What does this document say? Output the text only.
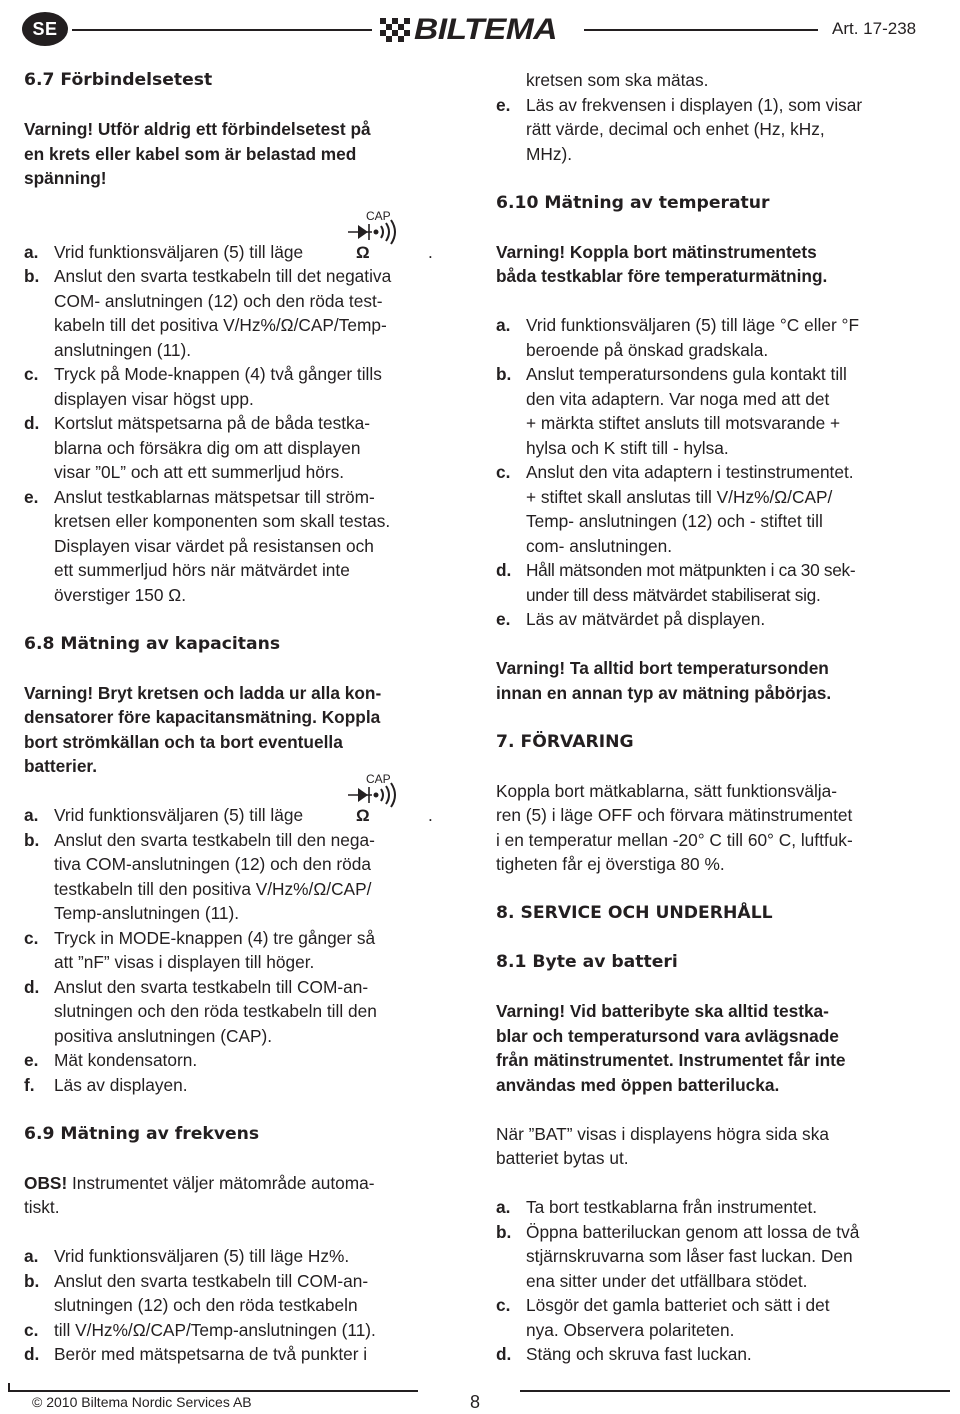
SE	BILTEMA	Art. 17-238
6.7 Förbindelsetest
Varning! Utför aldrig ett förbindelsetest på
en krets eller kabel som är belastad med
spänning!
a. Vrid funktionsväljaren (5) till läge
CAP
Ω	.
b. Anslut den svarta testkabeln till det negativa
COM- anslutningen (12) och den röda test-
kabeln till det positiva V/Hz%/Ω/CAP/Temp-
anslutningen (11).
c. Tryck på Mode-knappen (4) två gånger tills
displayen visar högst upp.
d. Kortslut mätspetsarna på de båda testka-
blarna och försäkra dig om att displayen
visar ”0L” och att ett summerljud hörs.
e. Anslut testkablarnas mätspetsar till ström-
kretsen eller komponenten som skall testas.
Displayen visar värdet på resistansen och
ett summerljud hörs när mätvärdet inte
överstiger 150 Ω.
6.8 Mätning av kapacitans
Varning! Bryt kretsen och ladda ur alla kon-
densatorer före kapacitansmätning. Koppla
bort strömkällan och ta bort eventuella
batterier.
a. Vrid funktionsväljaren (5) till läge
CAP
Ω	.
b. Anslut den svarta testkabeln till den nega-
tiva COM-anslutningen (12) och den röda
testkabeln till den positiva V/Hz%/Ω/CAP/
Temp-anslutningen (11).
c. Tryck in MODE-knappen (4) tre gånger så
att ”nF” visas i displayen till höger.
d. Anslut den svarta testkabeln till COM-an-
slutningen och den röda testkabeln till den
positiva anslutningen (CAP).
e. Mät kondensatorn.
f.	Läs av displayen.
6.9 Mätning av frekvens
OBS! Instrumentet väljer mätområde automa-
tiskt.
a. Vrid funktionsväljaren (5) till läge Hz%.
b. Anslut den svarta testkabeln till COM-an-
slutningen (12) och den röda testkabeln
c. till V/Hz%/Ω/CAP/Temp-anslutningen (11).
d. Berör med mätspetsarna de två punkter i
kretsen som ska mätas.
e. Läs av frekvensen i displayen (1), som visar
rätt värde, decimal och enhet (Hz, kHz,
MHz).
6.10 Mätning av temperatur
Varning! Koppla bort mätinstrumentets
båda testkablar före temperaturmätning.
a. Vrid funktionsväljaren (5) till läge °C eller °F
beroende på önskad gradskala.
b. Anslut temperatursondens gula kontakt till
den vita adaptern. Var noga med att det
+ märkta stiftet ansluts till motsvarande +
hylsa och K stift till - hylsa.
c. Anslut den vita adaptern i testinstrumentet.
+ stiftet skall anslutas till V/Hz%/Ω/CAP/
Temp- anslutningen (12) och - stiftet till
com- anslutningen.
d. Håll mätsonden mot mätpunkten i ca 30 sek-
under till dess mätvärdet stabiliserat sig.
e. Läs av mätvärdet på displayen.
Varning! Ta alltid bort temperatursonden
innan en annan typ av mätning påbörjas.
7. FÖRVARING
Koppla bort mätkablarna, sätt funktionsvälja-
ren (5) i läge OFF och förvara mätinstrumentet
i en temperatur mellan -20° C till 60° C, luftfuk-
tigheten får ej överstiga 80 %.
8. SERVICE OCH UNDERHÅLL
8.1 Byte av batteri
Varning! Vid batteribyte ska alltid testka-
blar och temperatursond vara avlägsnade
från mätinstrumentet. Instrumentet får inte
användas med öppen batterilucka.
När ”BAT” visas i displayens högra sida ska
batteriet bytas ut.
a. Ta bort testkablarna från instrumentet.
b. Öppna batteriluckan genom att lossa de två
stjärnskruvarna som låser fast luckan. Den
ena sitter under det utfällbara stödet.
c. Lösgör det gamla batteriet och sätt i det
nya. Observera polariteten.
d. Stäng och skruva fast luckan.
© 2010 Biltema Nordic Services AB	8
